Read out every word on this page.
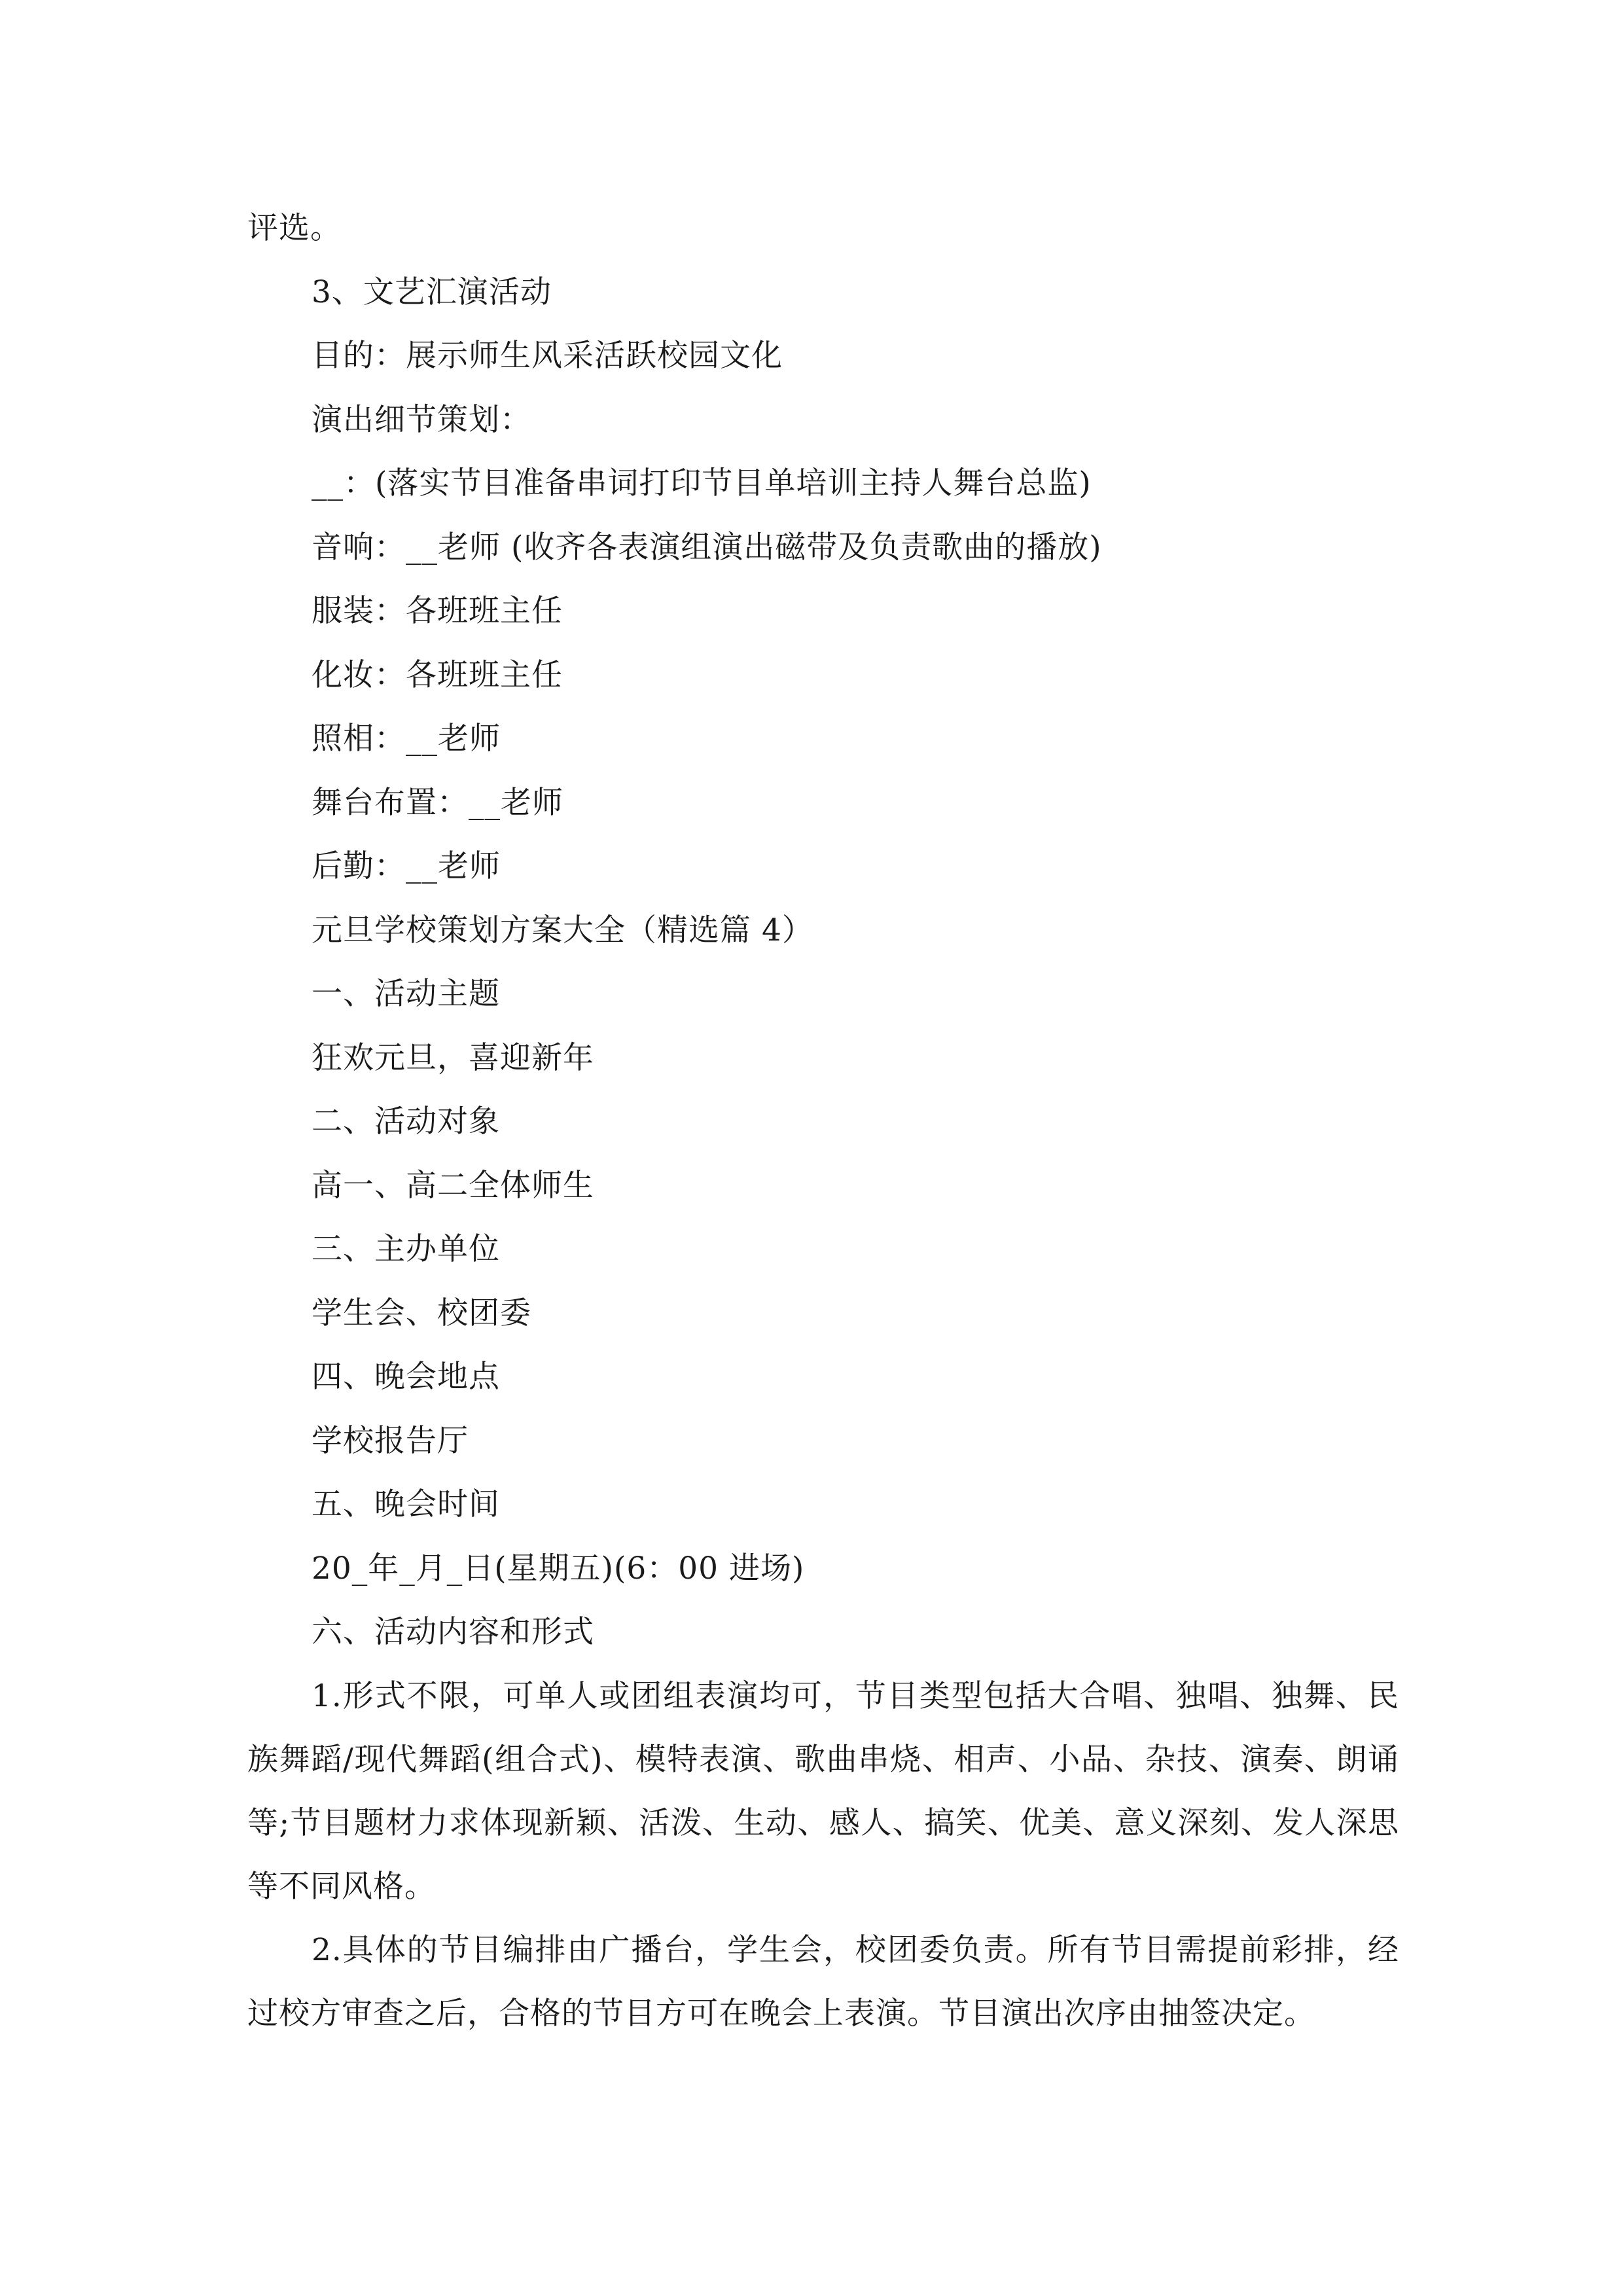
评选。
3、文艺汇演活动
目的：展示师生风采活跃校园文化
演出细节策划：
__：(落实节目准备串词打印节目单培训主持人舞台总监)
音响：__老师 (收齐各表演组演出磁带及负责歌曲的播放)
服装：各班班主任
化妆：各班班主任
照相：__老师
舞台布置：__老师
后勤：__老师
元旦学校策划方案大全（精选篇 4）
一、活动主题
狂欢元旦，喜迎新年
二、活动对象
高一、高二全体师生
三、主办单位
学生会、校团委
四、晚会地点
学校报告厅
五、晚会时间
20_年_月_日(星期五)(6：00 进场)
六、活动内容和形式

1.形式不限，可单人或团组表演均可，节目类型包括大合唱、独唱、独舞、民族舞蹈/现代舞蹈(组合式)、模特表演、歌曲串烧、相声、小品、杂技、演奏、朗诵等;节目题材力求体现新颖、活泼、生动、感人、搞笑、优美、意义深刻、发人深思等不同风格。

2.具体的节目编排由广播台，学生会，校团委负责。所有节目需提前彩排，经过校方审查之后，合格的节目方可在晚会上表演。节目演出次序由抽签决定。
